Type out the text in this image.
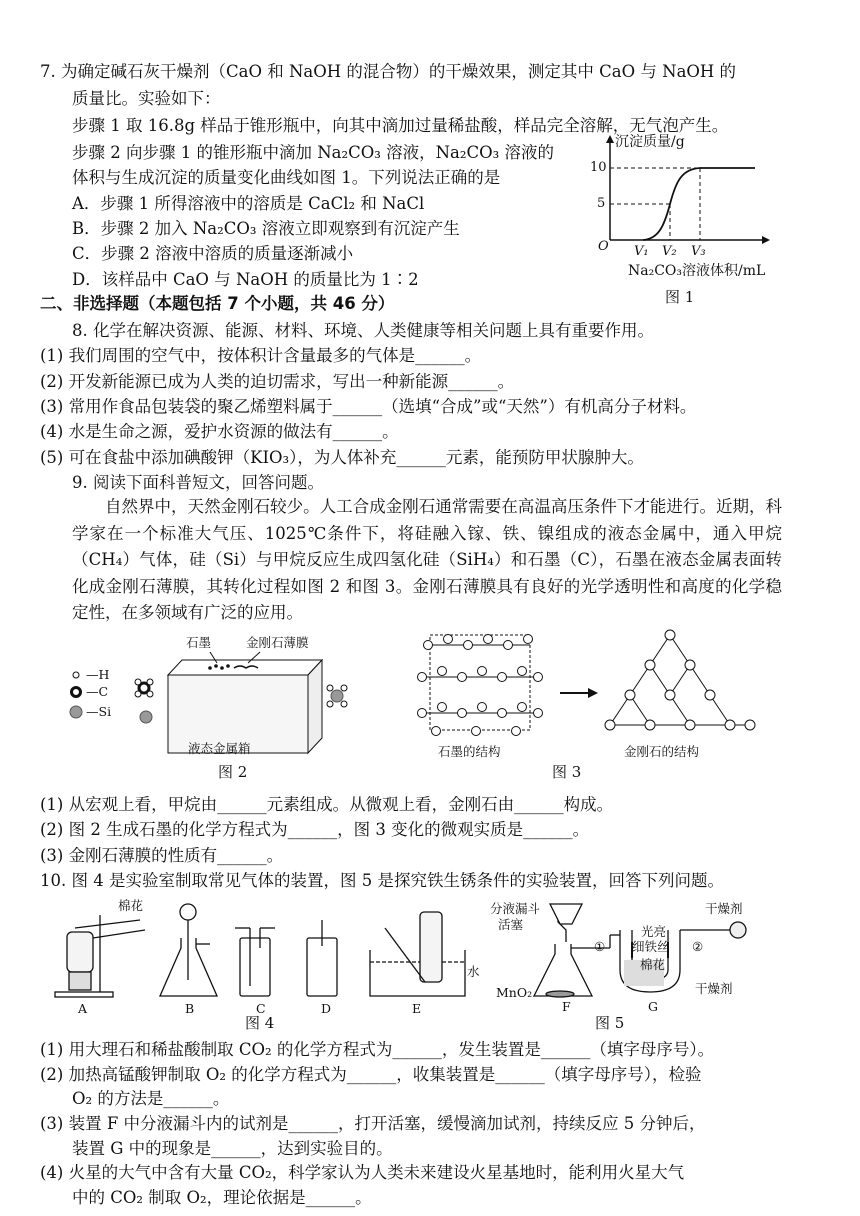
7. 为确定碱石灰干燥剂（CaO 和 NaOH 的混合物）的干燥效果，测定其中 CaO 与 NaOH 的
质量比。实验如下：
步骤 1 取 16.8g 样品于锥形瓶中，向其中滴加过量稀盐酸，样品完全溶解，无气泡产生。
步骤 2 向步骤 1 的锥形瓶中滴加 Na₂CO₃ 溶液，Na₂CO₃ 溶液的
体积与生成沉淀的质量变化曲线如图 1。下列说法正确的是
A．步骤 1 所得溶液中的溶质是 CaCl₂ 和 NaCl
B．步骤 2 加入 Na₂CO₃ 溶液立即观察到有沉淀产生
C．步骤 2 溶液中溶质的质量逐渐减小
D．该样品中 CaO 与 NaOH 的质量比为 1∶2
沉淀质量/g
10
5
O V₁ V₂ V₃
Na₂CO₃溶液体积/mL
图 1
二、非选择题（本题包括 7 个小题，共 46 分）
8. 化学在解决资源、能源、材料、环境、人类健康等相关问题上具有重要作用。
(1) 我们周围的空气中，按体积计含量最多的气体是______。
(2) 开发新能源已成为人类的迫切需求，写出一种新能源______。
(3) 常用作食品包装袋的聚乙烯塑料属于______（选填“合成”或“天然”）有机高分子材料。
(4) 水是生命之源，爱护水资源的做法有______。
(5) 可在食盐中添加碘酸钾（KIO₃），为人体补充______元素，能预防甲状腺肿大。
9. 阅读下面科普短文，回答问题。
自然界中，天然金刚石较少。人工合成金刚石通常需要在高温高压条件下才能进行。近期，科学家在一个标准大气压、1025℃条件下，将硅融入镓、铁、镍组成的液态金属中，通入甲烷（CH₄）气体，硅（Si）与甲烷反应生成四氢化硅（SiH₄）和石墨（C），石墨在液态金属表面转化成金刚石薄膜，其转化过程如图 2 和图 3。金刚石薄膜具有良好的光学透明性和高度的化学稳定性，在多领域有广泛的应用。
—H
—C
—Si
石墨	金刚石薄膜
液态金属箱
图 2
石墨的结构	金刚石的结构
图 3
(1) 从宏观上看，甲烷由______元素组成。从微观上看，金刚石由______构成。
(2) 图 2 生成石墨的化学方程式为______，图 3 变化的微观实质是______。
(3) 金刚石薄膜的性质有______。
10. 图 4 是实验室制取常见气体的装置，图 5 是探究铁生锈条件的实验装置，回答下列问题。
棉花
水
A	B	C	D	E
图 4
分液漏斗
活塞
MnO₂
F	G
①	②
光亮
细铁丝
棉花
干燥剂
干燥剂
图 5
(1) 用大理石和稀盐酸制取 CO₂ 的化学方程式为______，发生装置是______（填字母序号）。
(2) 加热高锰酸钾制取 O₂ 的化学方程式为______，收集装置是______（填字母序号），检验
O₂ 的方法是______。
(3) 装置 F 中分液漏斗内的试剂是______，打开活塞，缓慢滴加试剂，持续反应 5 分钟后，
装置 G 中的现象是______，达到实验目的。
(4) 火星的大气中含有大量 CO₂，科学家认为人类未来建设火星基地时，能利用火星大气
中的 CO₂ 制取 O₂，理论依据是______。
